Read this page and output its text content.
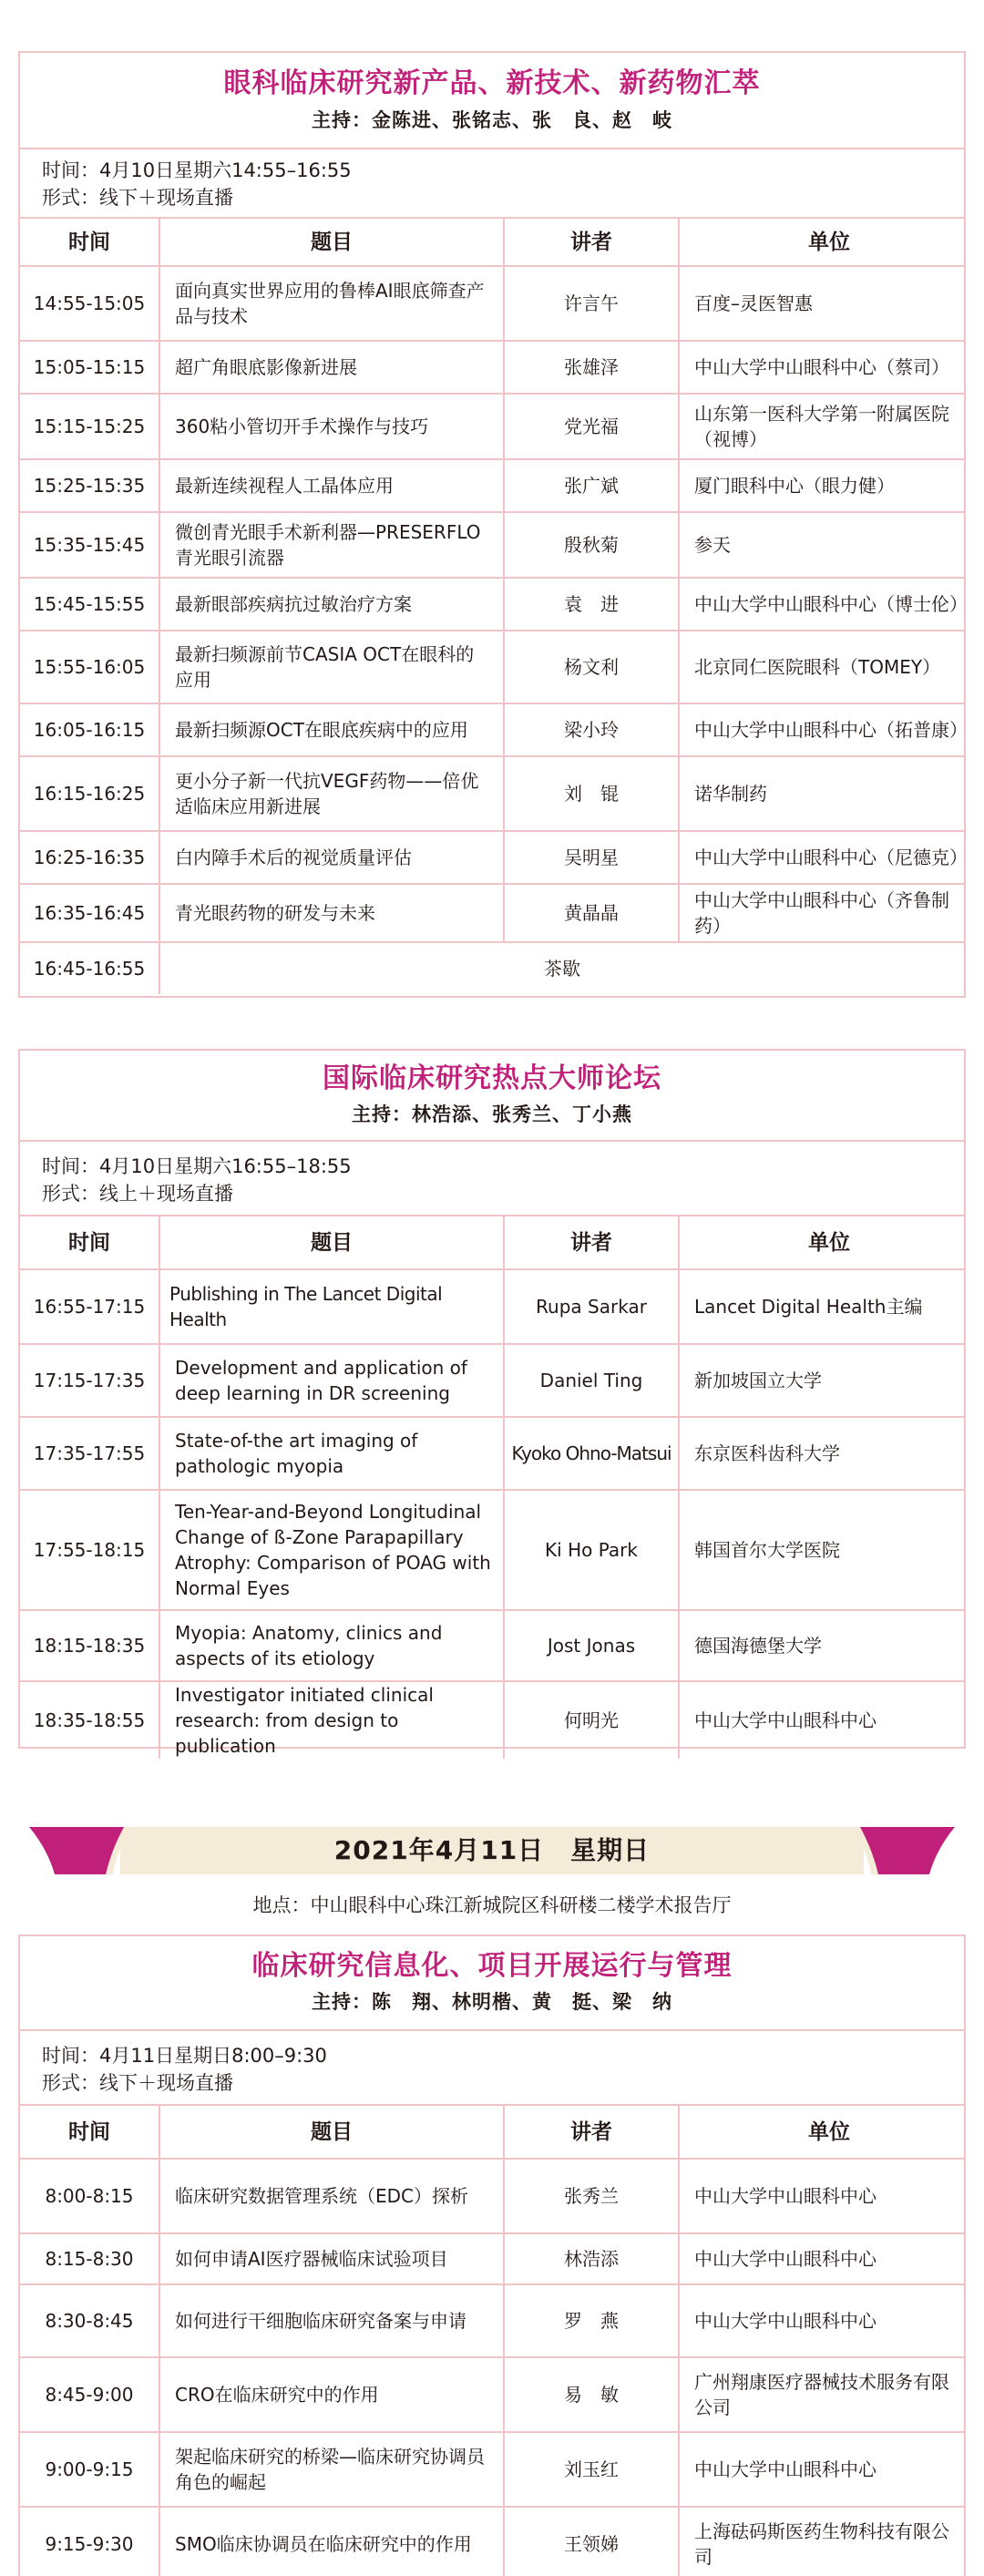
眼科临床研究新产品、新技术、新药物汇萃
主持：金陈进、张铭志、张　良、赵　岐
时间：4月10日星期六14:55–16:55
形式：线下＋现场直播
时间	题目	讲者	单位
14:55-15:05	面向真实世界应用的鲁棒AI眼底筛查产品与技术	许言午	百度–灵医智惠
15:05-15:15	超广角眼底影像新进展	张雄泽	中山大学中山眼科中心（蔡司）
15:15-15:25	360粘小管切开手术操作与技巧	党光福	山东第一医科大学第一附属医院（视博）
15:25-15:35	最新连续视程人工晶体应用	张广斌	厦门眼科中心（眼力健）
15:35-15:45	微创青光眼手术新利器—PRESERFLO青光眼引流器	殷秋菊	参天
15:45-15:55	最新眼部疾病抗过敏治疗方案	袁　进	中山大学中山眼科中心（博士伦）
15:55-16:05	最新扫频源前节CASIA OCT在眼科的应用	杨文利	北京同仁医院眼科（TOMEY）
16:05-16:15	最新扫频源OCT在眼底疾病中的应用	梁小玲	中山大学中山眼科中心（拓普康）
16:15-16:25	更小分子新一代抗VEGF药物——倍优适临床应用新进展	刘　锟	诺华制药
16:25-16:35	白内障手术后的视觉质量评估	吴明星	中山大学中山眼科中心（尼德克）
16:35-16:45	青光眼药物的研发与未来	黄晶晶	中山大学中山眼科中心（齐鲁制药）
16:45-16:55	茶歇		
国际临床研究热点大师论坛
主持：林浩添、张秀兰、丁小燕
时间：4月10日星期六16:55–18:55
形式：线上＋现场直播
时间	题目	讲者	单位
16:55-17:15	Publishing in The Lancet Digital Health	Rupa Sarkar	Lancet Digital Health主编
17:15-17:35	Development and application of deep learning in DR screening	Daniel Ting	新加坡国立大学
17:35-17:55	State-of-the art imaging of pathologic myopia	Kyoko Ohno-Matsui	东京医科齿科大学
17:55-18:15	Ten-Year-and-Beyond Longitudinal Change of ß-Zone Parapapillary Atrophy: Comparison of POAG with Normal Eyes	Ki Ho Park	韩国首尔大学医院
18:15-18:35	Myopia: Anatomy, clinics and aspects of its etiology	Jost Jonas	德国海德堡大学
18:35-18:55	Investigator initiated clinical research: from design to publication	何明光	中山大学中山眼科中心
2021年4月11日　星期日
地点：中山眼科中心珠江新城院区科研楼二楼学术报告厅
临床研究信息化、项目开展运行与管理
主持：陈　翔、林明楷、黄　挺、梁　纳
时间：4月11日星期日8:00–9:30
形式：线下＋现场直播
时间	题目	讲者	单位
8:00-8:15	临床研究数据管理系统（EDC）探析	张秀兰	中山大学中山眼科中心
8:15-8:30	如何申请AI医疗器械临床试验项目	林浩添	中山大学中山眼科中心
8:30-8:45	如何进行干细胞临床研究备案与申请	罗　燕	中山大学中山眼科中心
8:45-9:00	CRO在临床研究中的作用	易　敏	广州翔康医疗器械技术服务有限公司
9:00-9:15	架起临床研究的桥梁—临床研究协调员角色的崛起	刘玉红	中山大学中山眼科中心
9:15-9:30	SMO临床协调员在临床研究中的作用	王领娣	上海砝码斯医药生物科技有限公司
